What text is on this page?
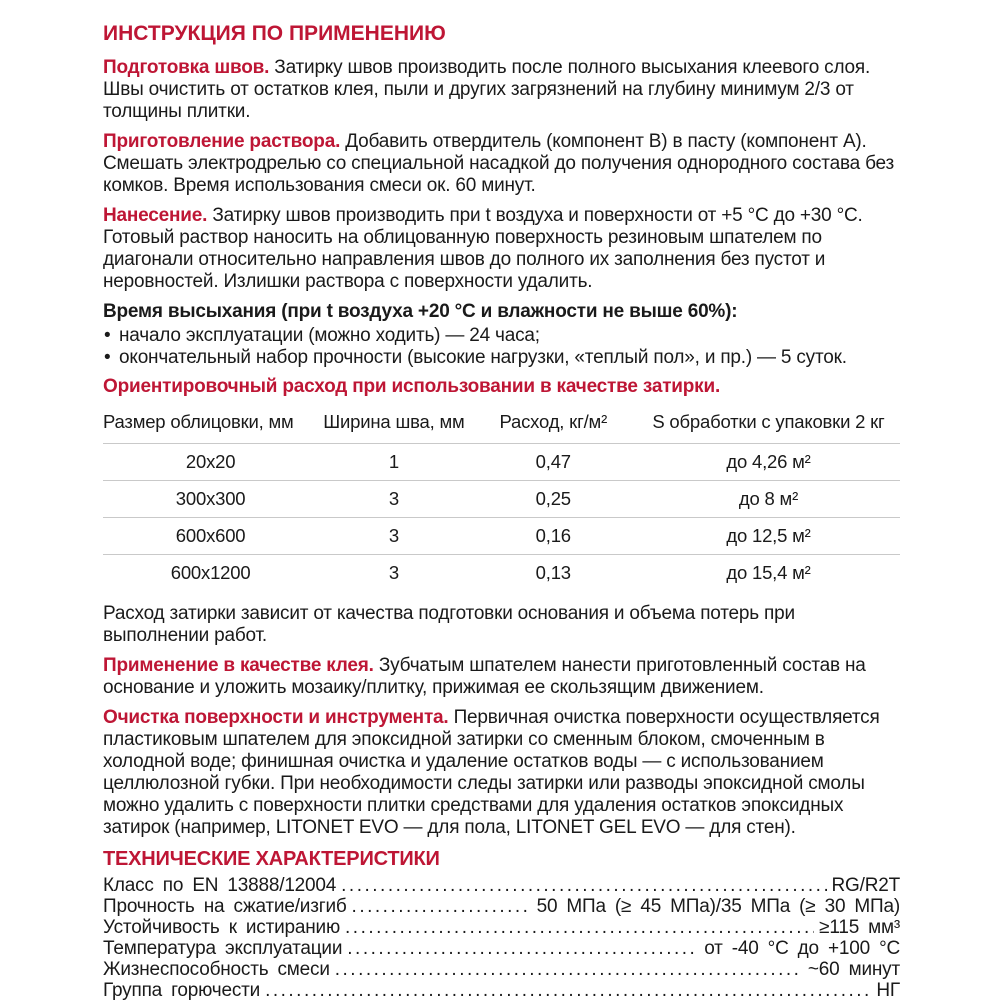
ИНСТРУКЦИЯ ПО ПРИМЕНЕНИЮ

Подготовка швов. Затирку швов производить после полного высыхания клеевого слоя. Швы очистить от остатков клея, пыли и других загрязнений на глубину минимум 2/3 от толщины плитки.

Приготовление раствора. Добавить отвердитель (компонент В) в пасту (компонент А). Смешать электродрелью со специальной насадкой до получения однородного состава без комков. Время использования смеси ок. 60 минут.

Нанесение. Затирку швов производить при t воздуха и поверхности от +5 °С до +30 °С. Готовый раствор наносить на облицованную поверхность резиновым шпателем по диагонали относительно направления швов до полного их заполнения без пустот и неровностей. Излишки раствора с поверхности удалить.

Время высыхания (при t воздуха +20 °С и влажности не выше 60%):
• начало эксплуатации (можно ходить) — 24 часа;
• окончательный набор прочности (высокие нагрузки, «теплый пол», и пр.) — 5 суток.
Ориентировочный расход при использовании в качестве затирки.
Размер облицовки, мм	Ширина шва, мм	Расход, кг/м²	S обработки с упаковки 2 кг
20x20	1	0,47	до 4,26 м²
300x300	3	0,25	до 8 м²
600x600	3	0,16	до 12,5 м²
600x1200	3	0,13	до 15,4 м²

Расход затирки зависит от качества подготовки основания и объема потерь при выполнении работ.

Применение в качестве клея. Зубчатым шпателем нанести приготовленный состав на основание и уложить мозаику/плитку, прижимая ее скользящим движением.

Очистка поверхности и инструмента. Первичная очистка поверхности осуществляется пластиковым шпателем для эпоксидной затирки со сменным блоком, смоченным в холодной воде; финишная очистка и удаление остатков воды — с использованием целлюлозной губки. При необходимости следы затирки или разводы эпоксидной смолы можно удалить с поверхности плитки средствами для удаления остатков эпоксидных затирок (например, LITONET EVO — для пола, LITONET GEL EVO — для стен).

ТЕХНИЧЕСКИЕ ХАРАКТЕРИСТИКИ
Класс по EN 13888/12004 .....	RG/R2T
Прочность на сжатие/изгиб .....	50 МПа (≥ 45 МПа)/35 МПа (≥ 30 МПа)
Устойчивость к истиранию .....	≥115 мм³
Температура эксплуатации .....	от -40 °С до +100 °С
Жизнеспособность смеси .....	~60 минут
Группа горючести .....	НГ
